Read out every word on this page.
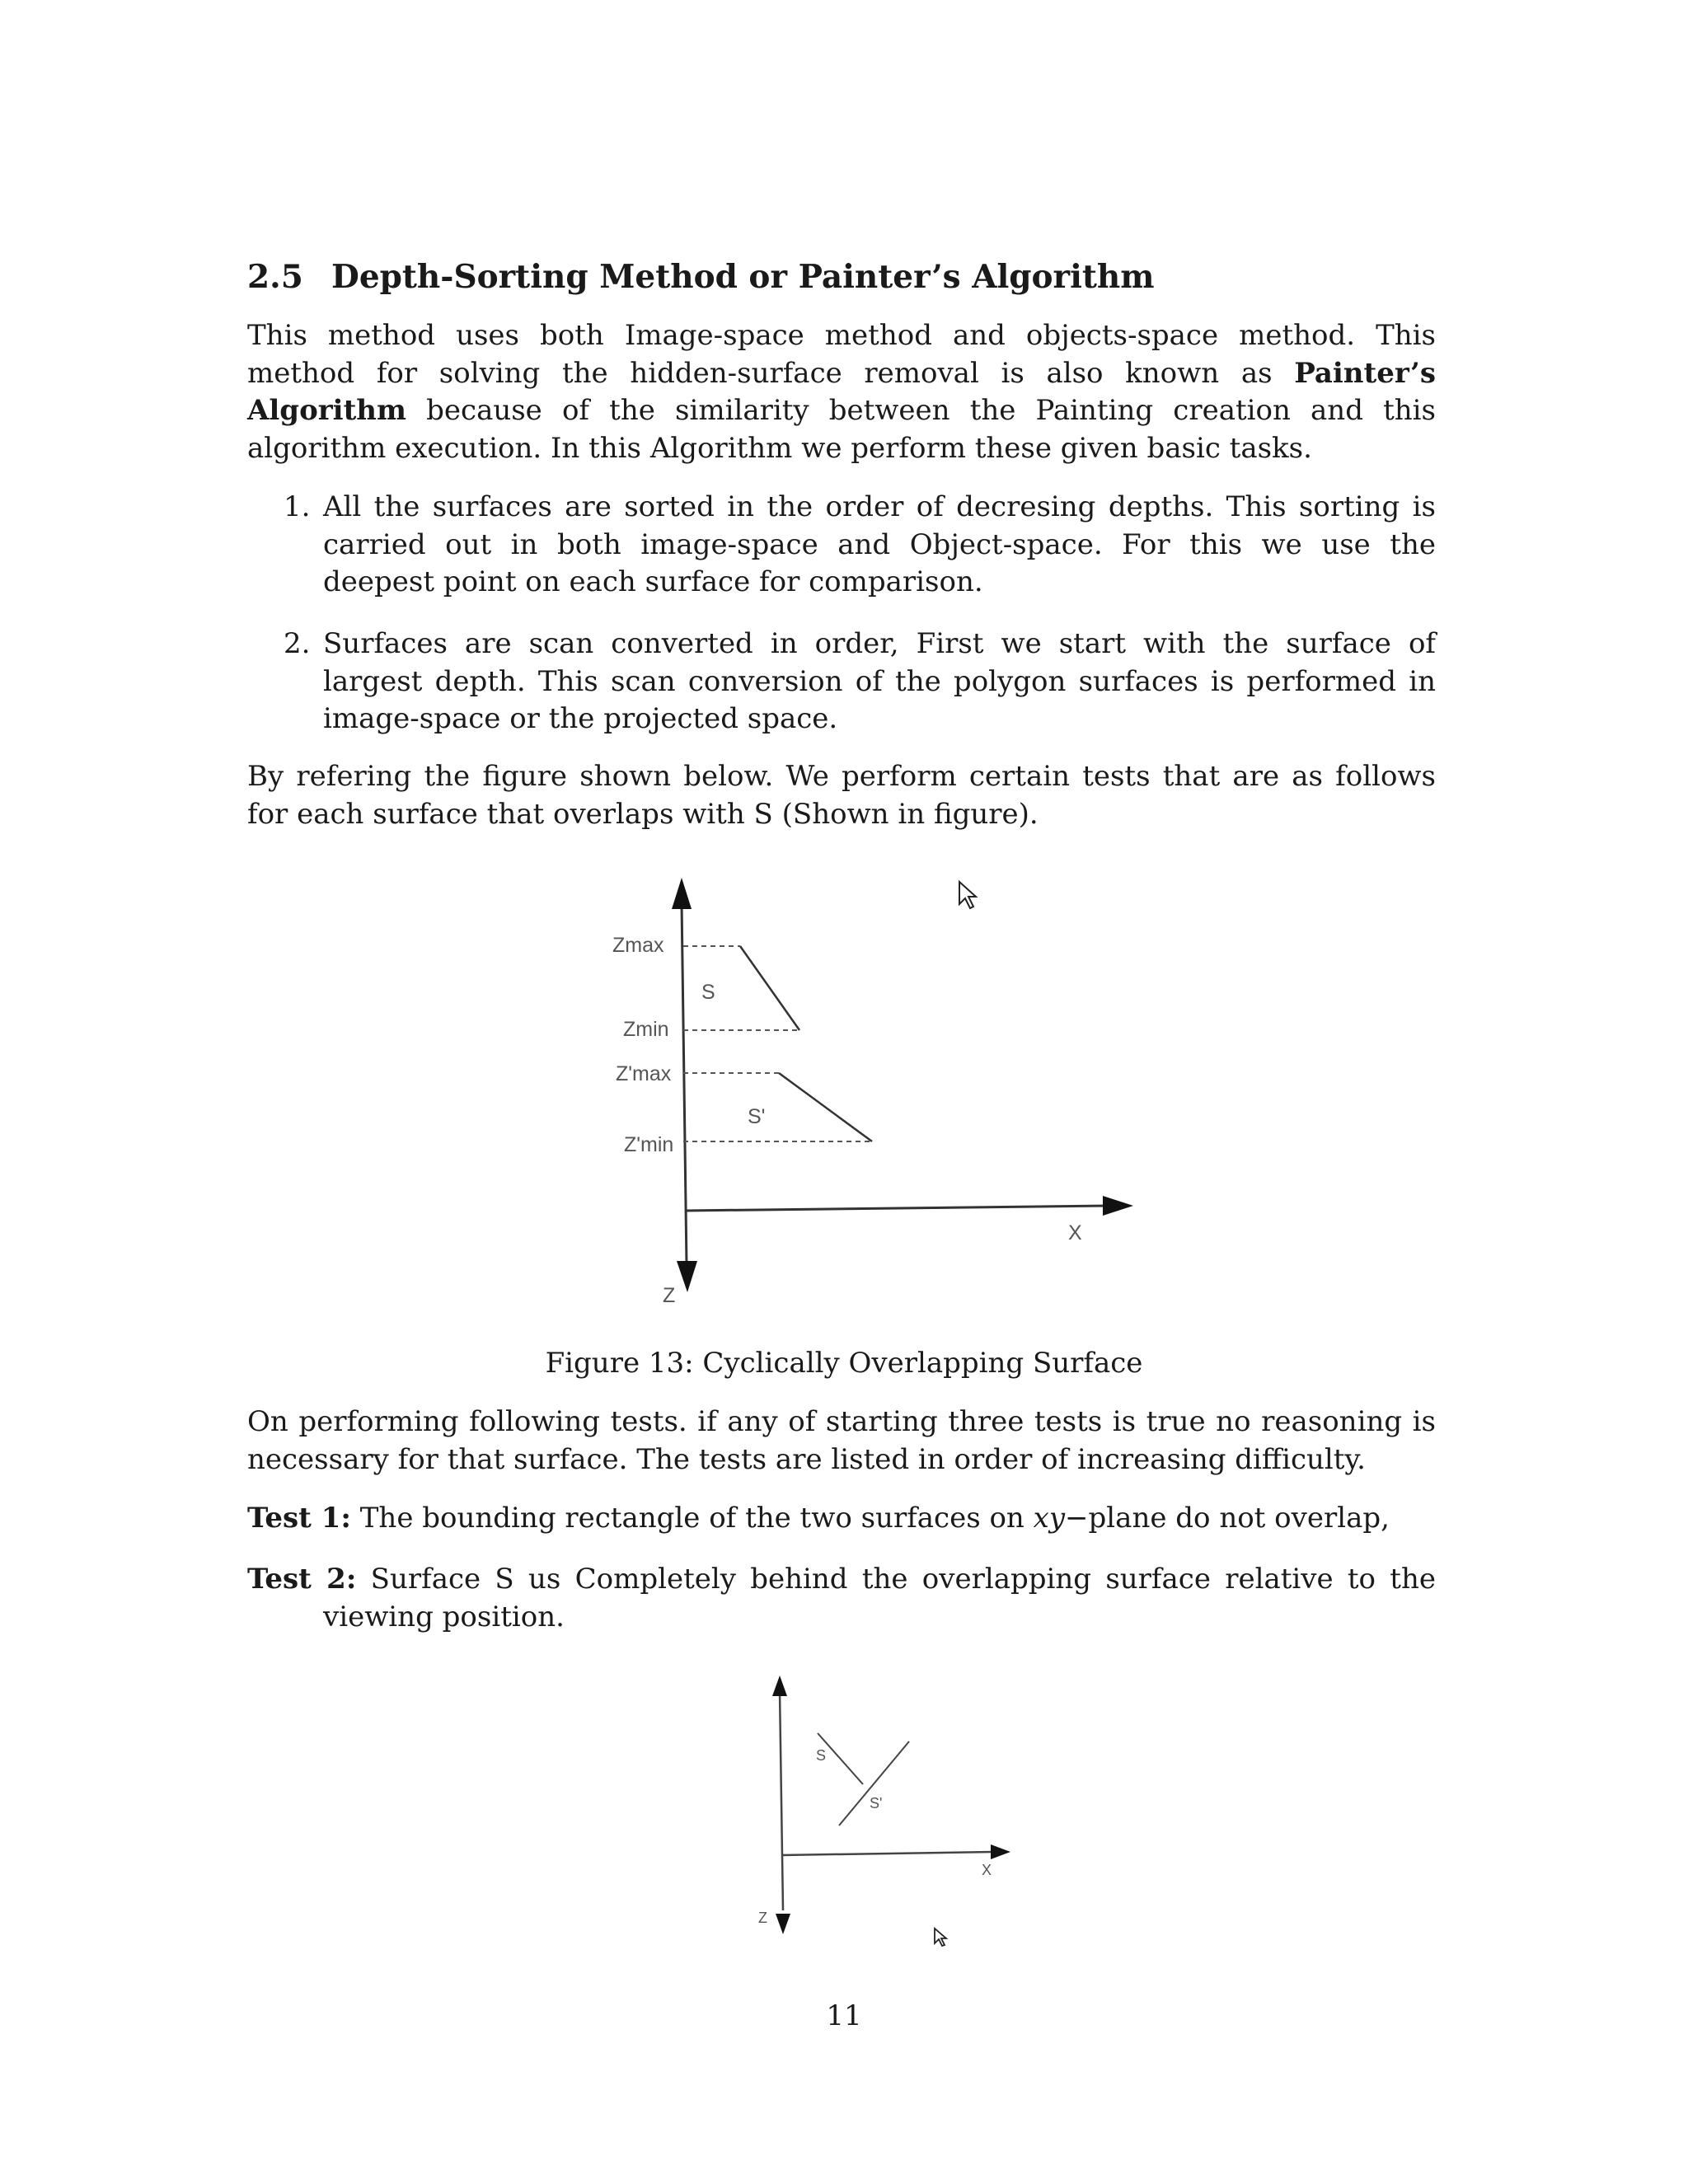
2.5 Depth-Sorting Method or Painter’s Algorithm

This method uses both Image-space method and objects-space method. This method for solving the hidden-surface removal is also known as Painter’s Algorithm because of the similarity between the Painting creation and this algorithm execution. In this Algorithm we perform these given basic tasks.

1. All the surfaces are sorted in the order of decresing depths. This sorting is carried out in both image-space and Object-space. For this we use the deepest point on each surface for comparison.
2. Surfaces are scan converted in order, First we start with the surface of largest depth. This scan conversion of the polygon surfaces is performed in image-space or the projected space.

By refering the figure shown below. We perform certain tests that are as follows for each surface that overlaps with S (Shown in figure).

Zmax
S
Zmin
Z'max
S'
Z'min
X
Z
Figure 13: Cyclically Overlapping Surface

On performing following tests. if any of starting three tests is true no reasoning is necessary for that surface. The tests are listed in order of increasing difficulty.

Test 1: The bounding rectangle of the two surfaces on xy−plane do not overlap,
Test 2: Surface S us Completely behind the overlapping surface relative to the viewing position.
S
S'
X
Z
11
